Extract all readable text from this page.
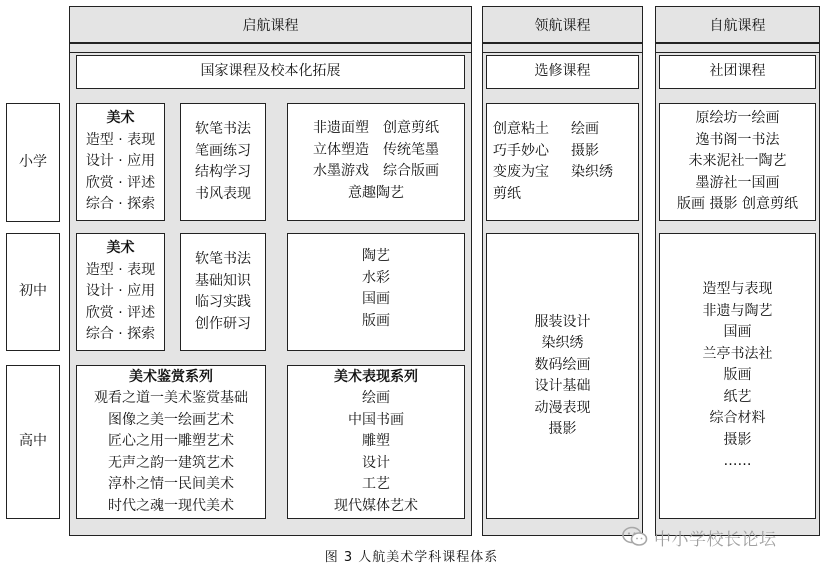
启航课程
国家课程及校本化拓展
领航课程
选修课程
自航课程
社团课程
小学
初中
高中
美术
造型 · 表现
设计 · 应用
欣赏 · 评述
综合 · 探索
软笔书法
笔画练习
结构学习
书风表现
非遗面塑
立体塑造
水墨游戏
创意剪纸
传统笔墨
综合版画
意趣陶艺
创意粘土
巧手妙心
变废为宝
剪纸
绘画
摄影
染织绣
原绘坊一绘画
逸书阁一书法
未来泥社一陶艺
墨游社一国画
版画 摄影 创意剪纸
美术
造型 · 表现
设计 · 应用
欣赏 · 评述
综合 · 探索
软笔书法
基础知识
临习实践
创作研习
陶艺
水彩
国画
版画	服装设计
染织绣
数码绘画
设计基础
动漫表现
摄影
造型与表现
非遗与陶艺
国画
兰亭书法社
版画
纸艺
综合材料
摄影
……
美术鉴赏系列
观看之道一美术鉴赏基础
图像之美一绘画艺术
匠心之用一雕塑艺术
无声之韵一建筑艺术
淳朴之情一民间美术
时代之魂一现代美术
美术表现系列
绘画
中国书画
雕塑
设计
工艺
现代媒体艺术
中小学校长论坛
图 3 人航美术学科课程体系
